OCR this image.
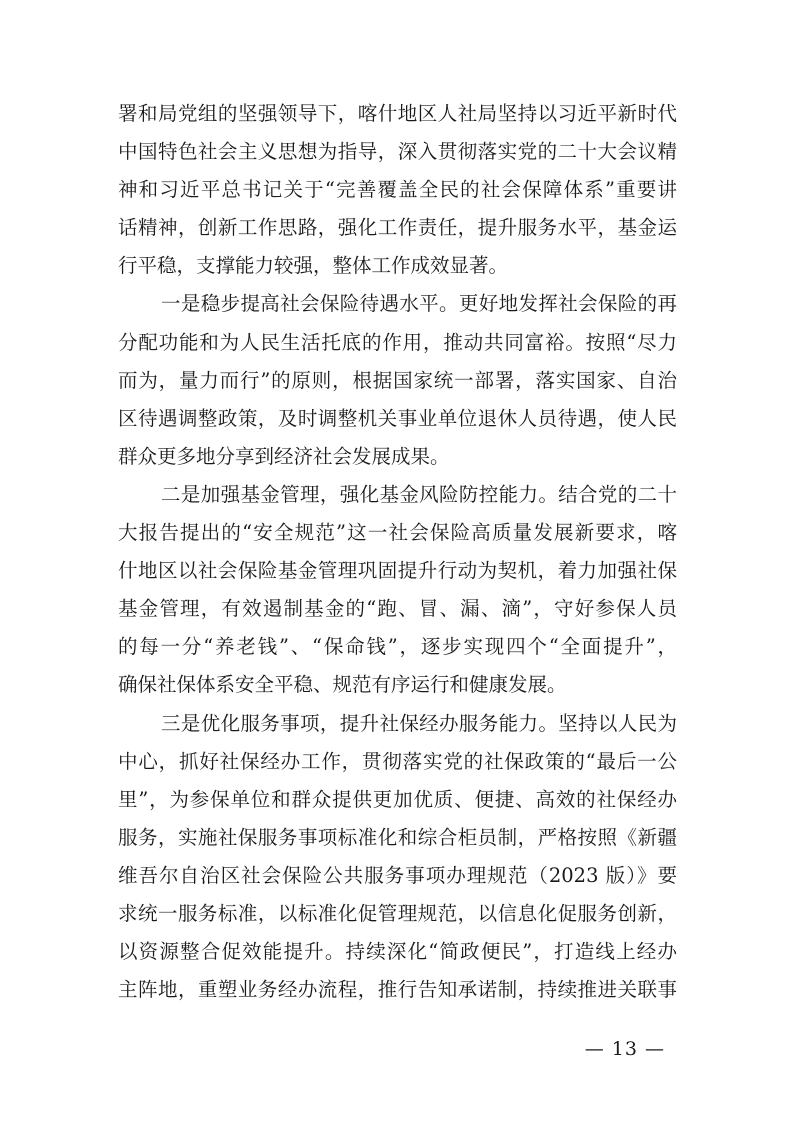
署和局党组的坚强领导下，喀什地区人社局坚持以习近平新时代
中国特色社会主义思想为指导，深入贯彻落实党的二十大会议精
神和习近平总书记关于“完善覆盖全民的社会保障体系”重要讲
话精神，创新工作思路，强化工作责任，提升服务水平，基金运
行平稳，支撑能力较强，整体工作成效显著。
一是稳步提高社会保险待遇水平。更好地发挥社会保险的再
分配功能和为人民生活托底的作用，推动共同富裕。按照“尽力
而为，量力而行”的原则，根据国家统一部署，落实国家、自治
区待遇调整政策，及时调整机关事业单位退休人员待遇，使人民
群众更多地分享到经济社会发展成果。
二是加强基金管理，强化基金风险防控能力。结合党的二十
大报告提出的“安全规范”这一社会保险高质量发展新要求，喀
什地区以社会保险基金管理巩固提升行动为契机，着力加强社保
基金管理，有效遏制基金的“跑、冒、漏、滴”，守好参保人员
的每一分“养老钱”、“保命钱”，逐步实现四个“全面提升”，
确保社保体系安全平稳、规范有序运行和健康发展。
三是优化服务事项，提升社保经办服务能力。坚持以人民为
中心，抓好社保经办工作，贯彻落实党的社保政策的“最后一公
里”，为参保单位和群众提供更加优质、便捷、高效的社保经办
服务，实施社保服务事项标准化和综合柜员制，严格按照《新疆
维吾尔自治区社会保险公共服务事项办理规范（2023 版）》要
求统一服务标准，以标准化促管理规范，以信息化促服务创新，
以资源整合促效能提升。持续深化“简政便民”，打造线上经办
主阵地，重塑业务经办流程，推行告知承诺制，持续推进关联事
— 13 —
